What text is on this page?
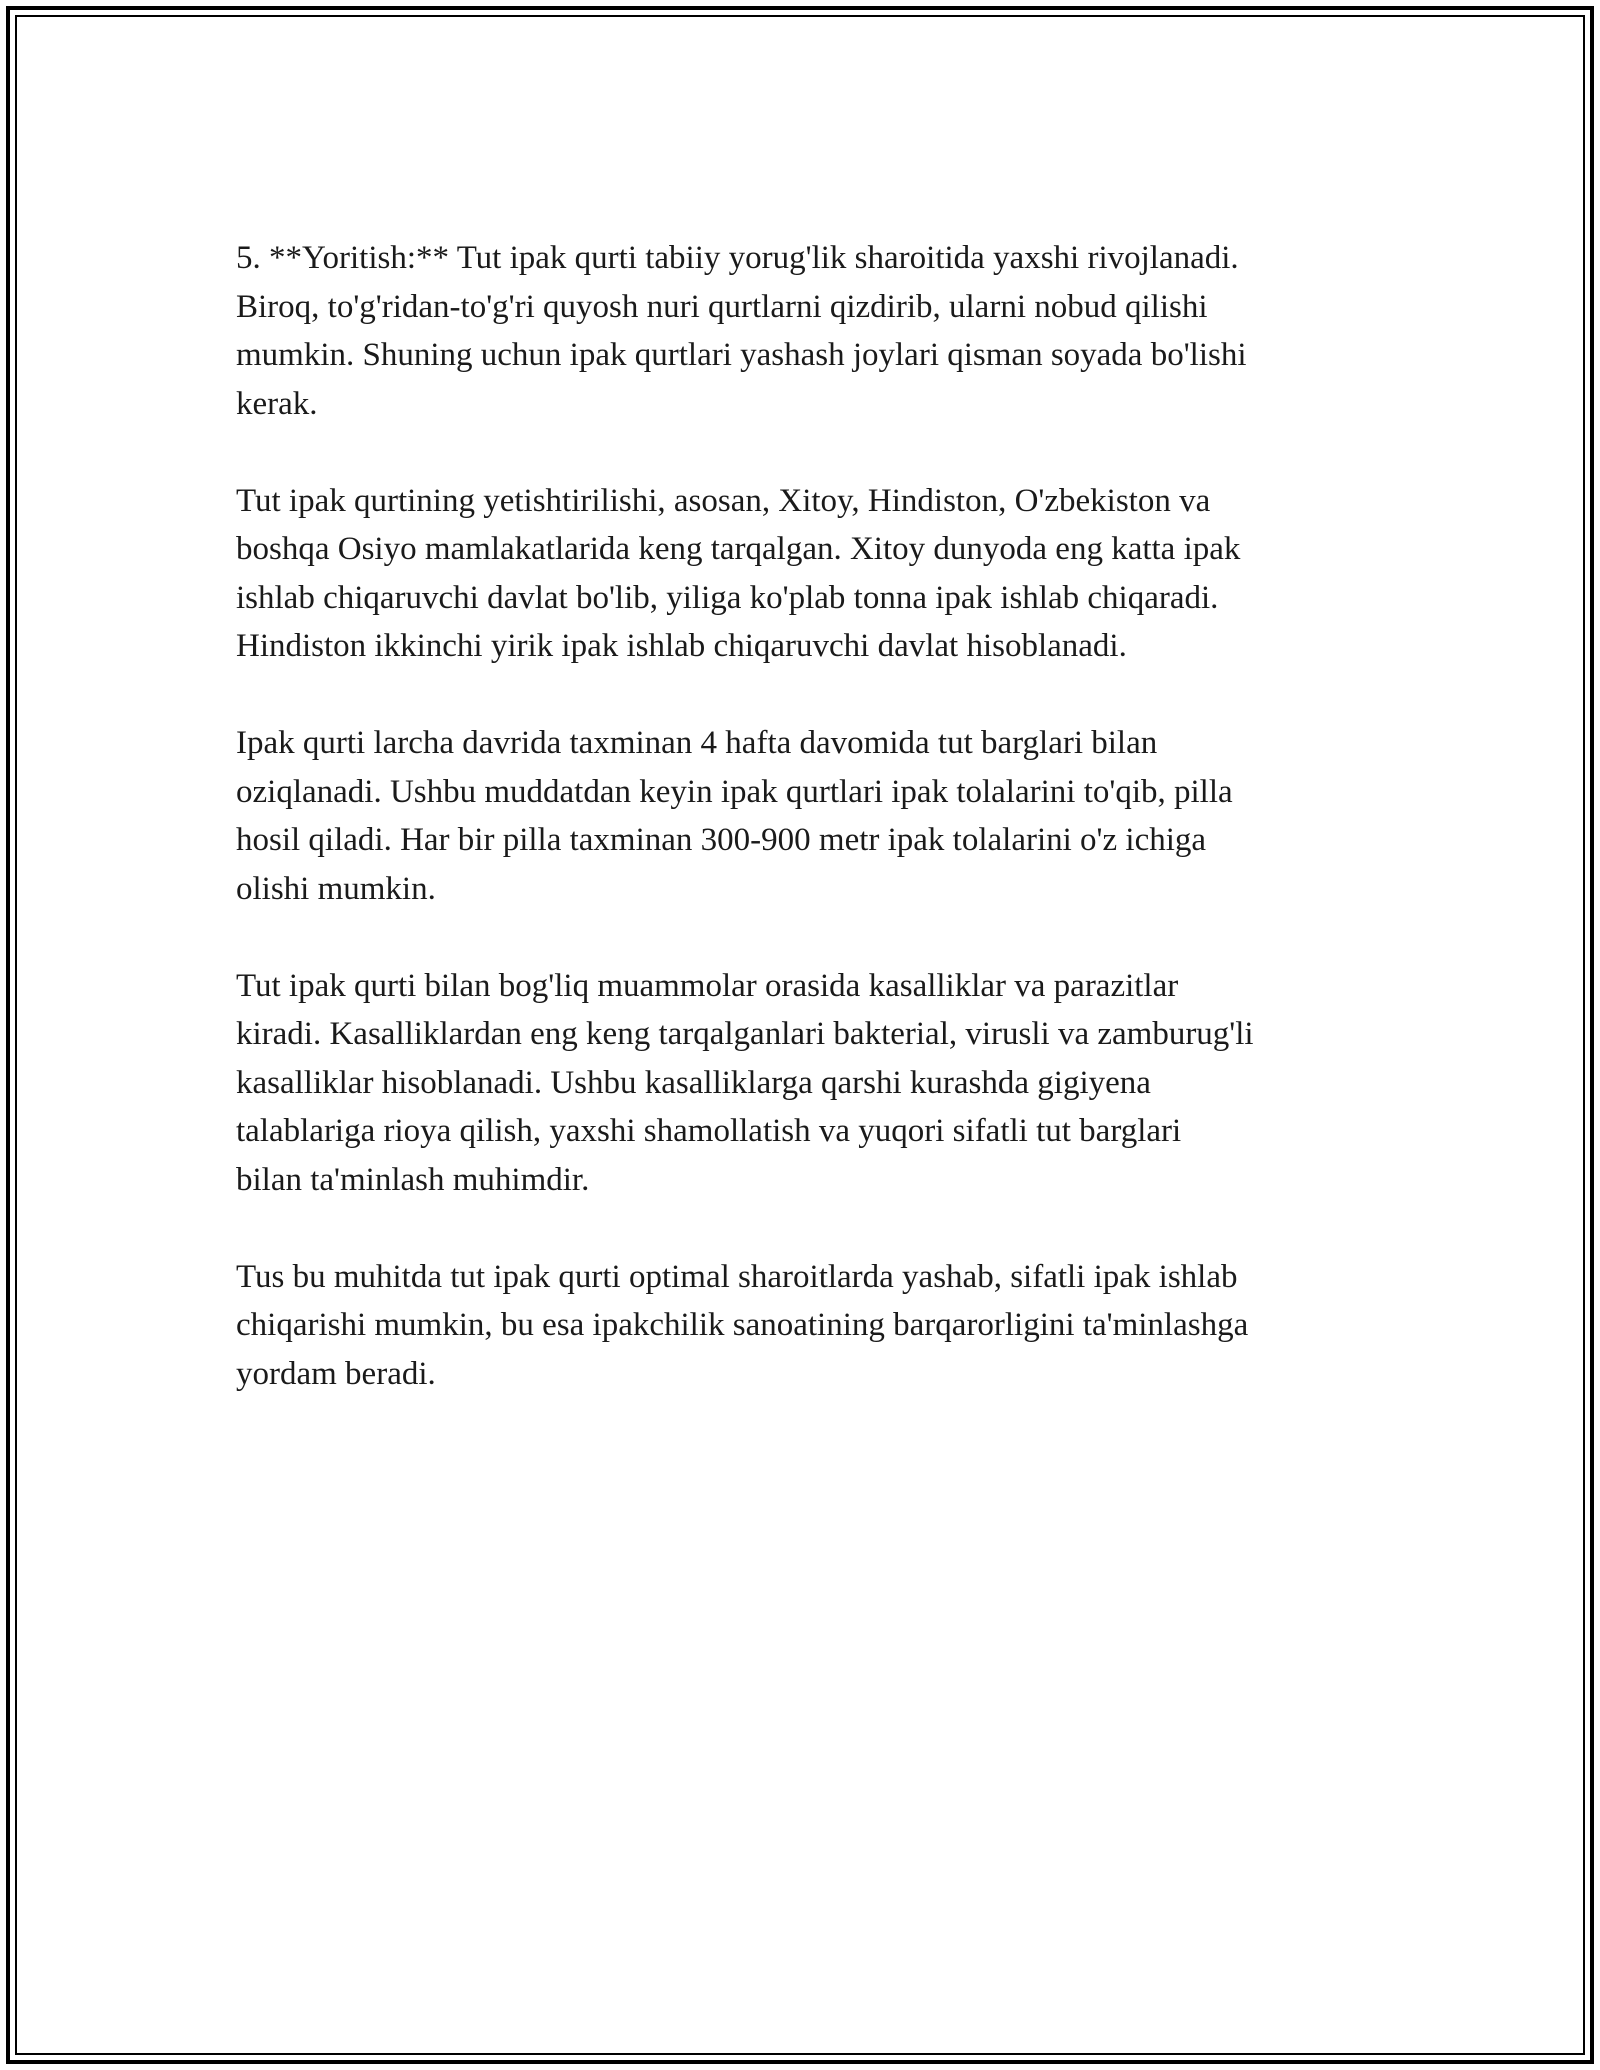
5. **Yoritish:** Tut ipak qurti tabiiy yorug'lik sharoitida yaxshi rivojlanadi.
Biroq, to'g'ridan-to'g'ri quyosh nuri qurtlarni qizdirib, ularni nobud qilishi
mumkin. Shuning uchun ipak qurtlari yashash joylari qisman soyada bo'lishi
kerak.

Tut ipak qurtining yetishtirilishi, asosan, Xitoy, Hindiston, O'zbekiston va
boshqa Osiyo mamlakatlarida keng tarqalgan. Xitoy dunyoda eng katta ipak
ishlab chiqaruvchi davlat bo'lib, yiliga ko'plab tonna ipak ishlab chiqaradi.
Hindiston ikkinchi yirik ipak ishlab chiqaruvchi davlat hisoblanadi.

Ipak qurti larcha davrida taxminan 4 hafta davomida tut barglari bilan
oziqlanadi. Ushbu muddatdan keyin ipak qurtlari ipak tolalarini to'qib, pilla
hosil qiladi. Har bir pilla taxminan 300-900 metr ipak tolalarini o'z ichiga
olishi mumkin.

Tut ipak qurti bilan bog'liq muammolar orasida kasalliklar va parazitlar
kiradi. Kasalliklardan eng keng tarqalganlari bakterial, virusli va zamburug'li
kasalliklar hisoblanadi. Ushbu kasalliklarga qarshi kurashda gigiyena
talablariga rioya qilish, yaxshi shamollatish va yuqori sifatli tut barglari
bilan ta'minlash muhimdir.

Tus bu muhitda tut ipak qurti optimal sharoitlarda yashab, sifatli ipak ishlab
chiqarishi mumkin, bu esa ipakchilik sanoatining barqarorligini ta'minlashga
yordam beradi.
